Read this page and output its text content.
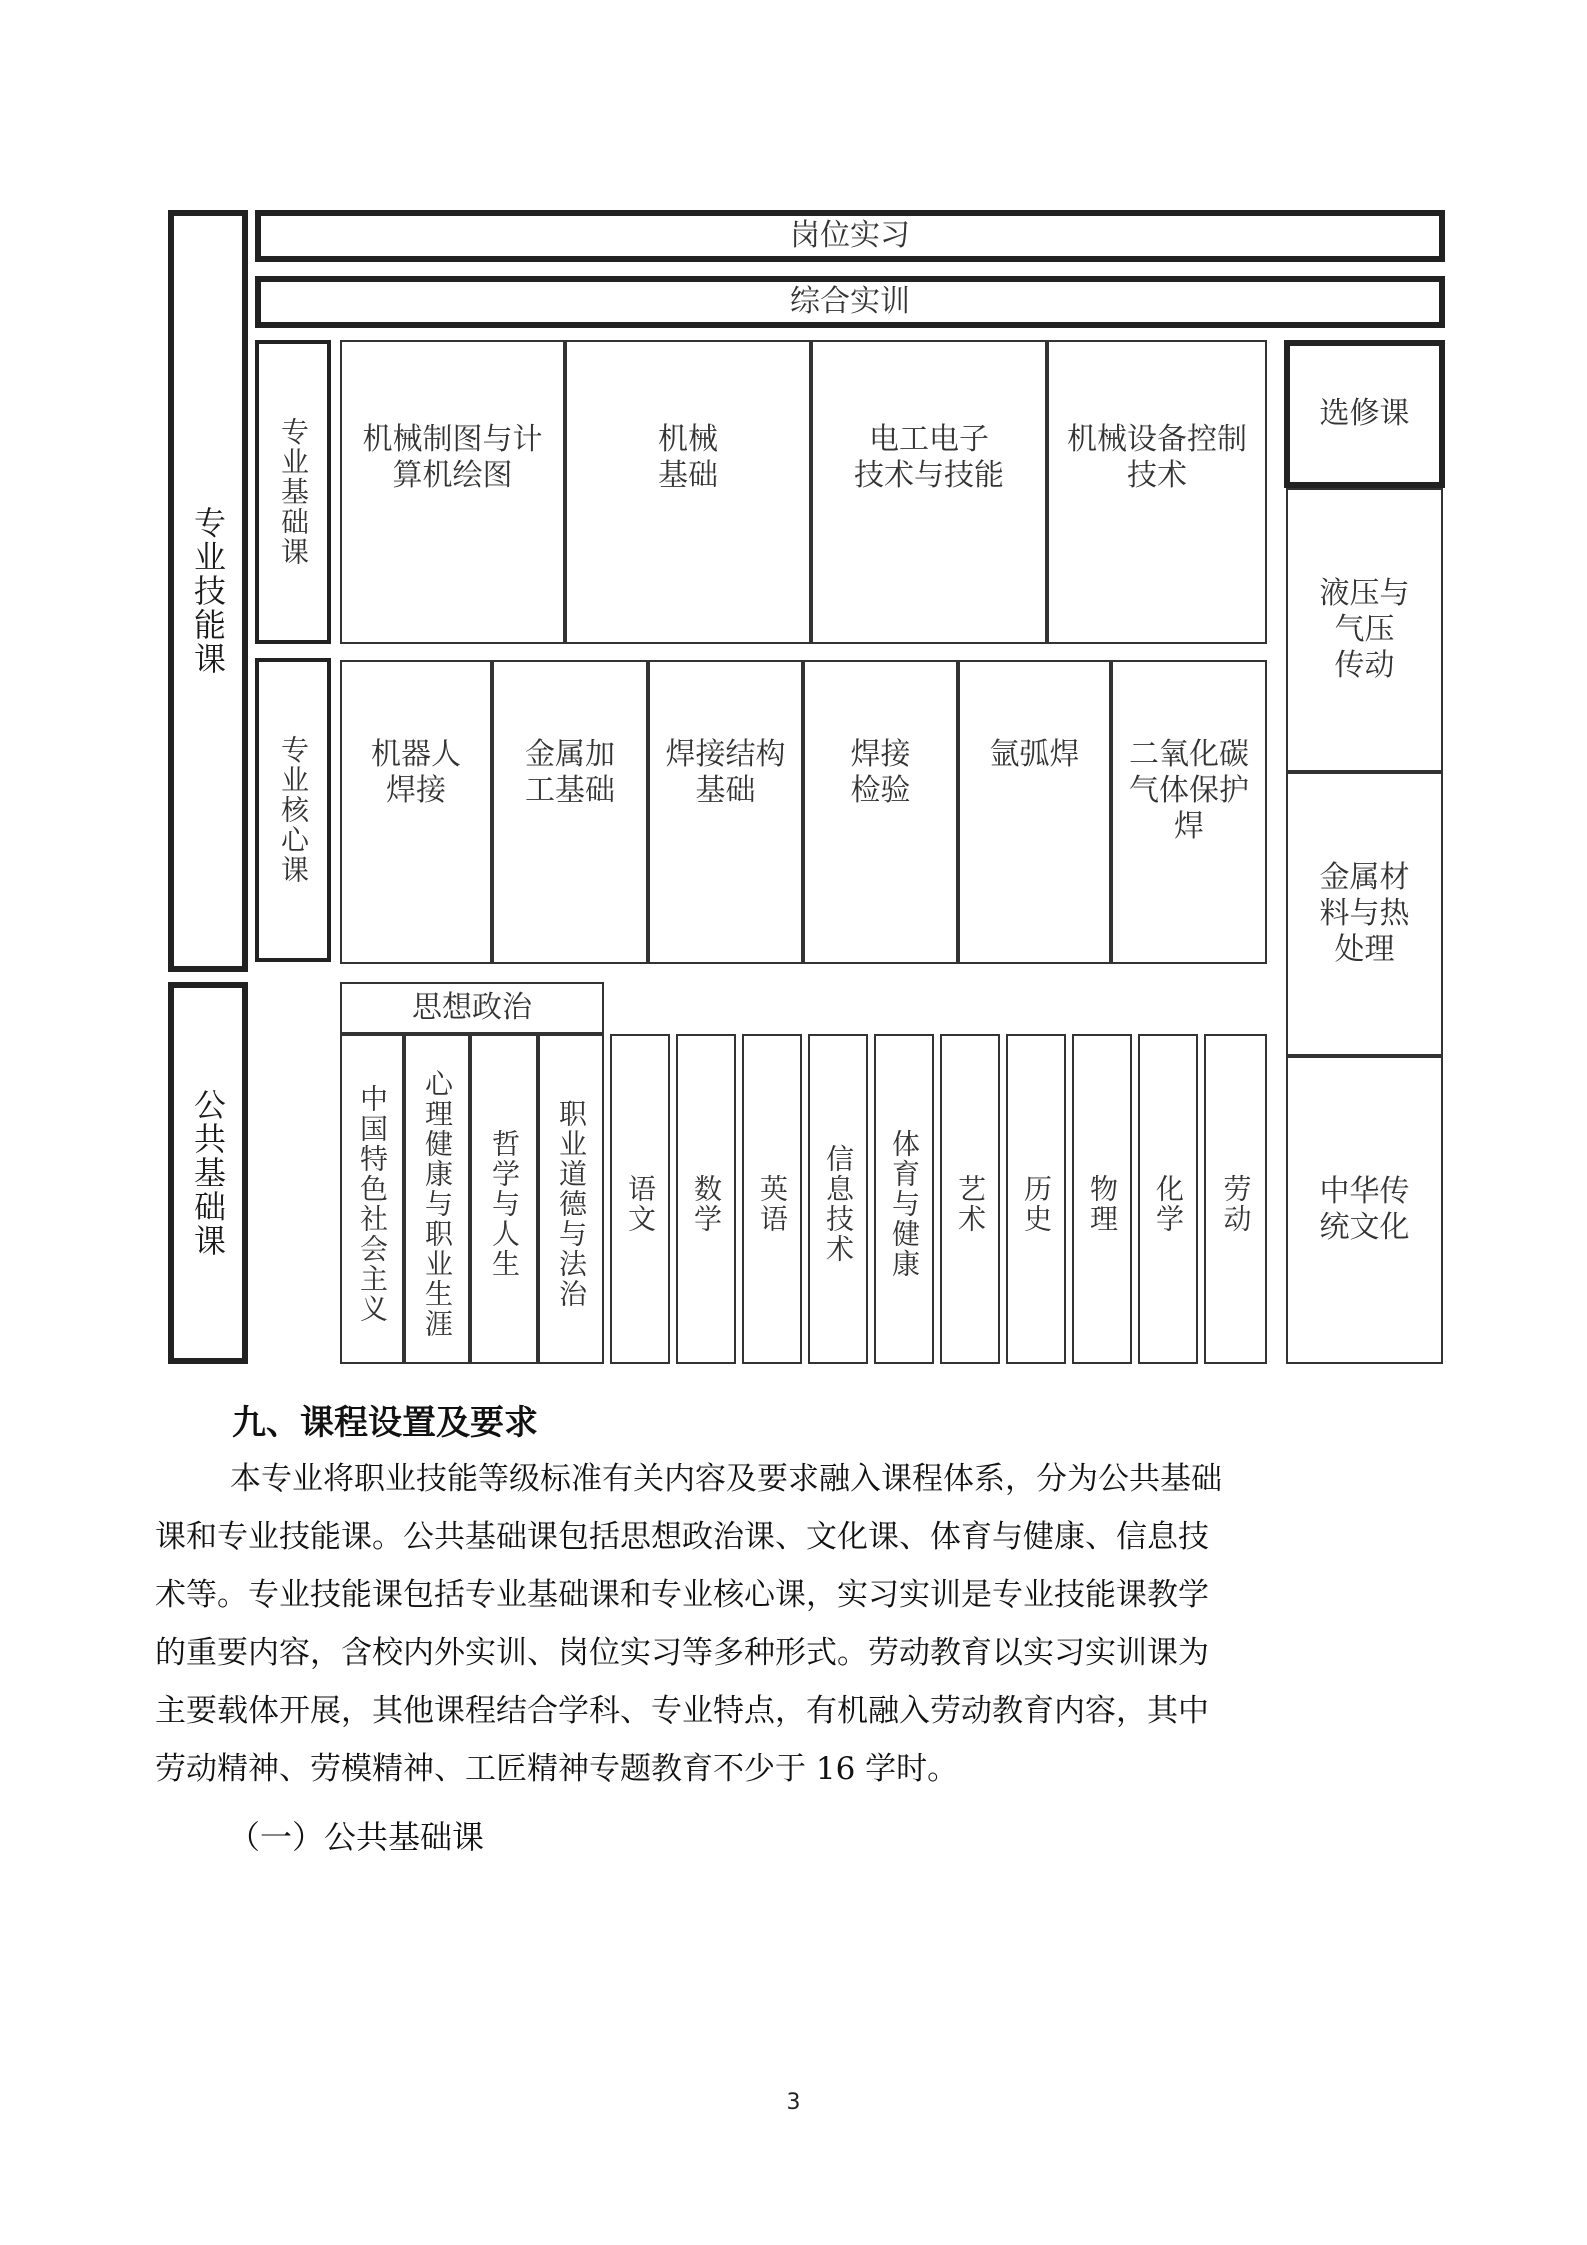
专业技能课
公共基础课
岗位实习
综合实训
专业基础课 机械制图与计
算机绘图
机械
基础
电工电子
技术与技能
机械设备控制
技术
专业核心课 机器人
焊接
金属加
工基础
焊接结构
基础
焊接
检验
氩弧焊 二氧化碳
气体保护
焊
选修课
液压与
气压
传动
金属材
料与热
处理
中华传
统文化
思想政治
中国特色社会主义 心理健康与职业生涯 哲学与人生 职业道德与法治 语文 数学 英语 信息技术 体育与健康 艺术 历史 物理 化学 劳动
九、课程设置及要求
本专业将职业技能等级标准有关内容及要求融入课程体系，分为公共基础
课和专业技能课。公共基础课包括思想政治课、文化课、体育与健康、信息技
术等。专业技能课包括专业基础课和专业核心课，实习实训是专业技能课教学
的重要内容，含校内外实训、岗位实习等多种形式。劳动教育以实习实训课为
主要载体开展，其他课程结合学科、专业特点，有机融入劳动教育内容，其中
劳动精神、劳模精神、工匠精神专题教育不少于 16 学时。
（一）公共基础课
3
